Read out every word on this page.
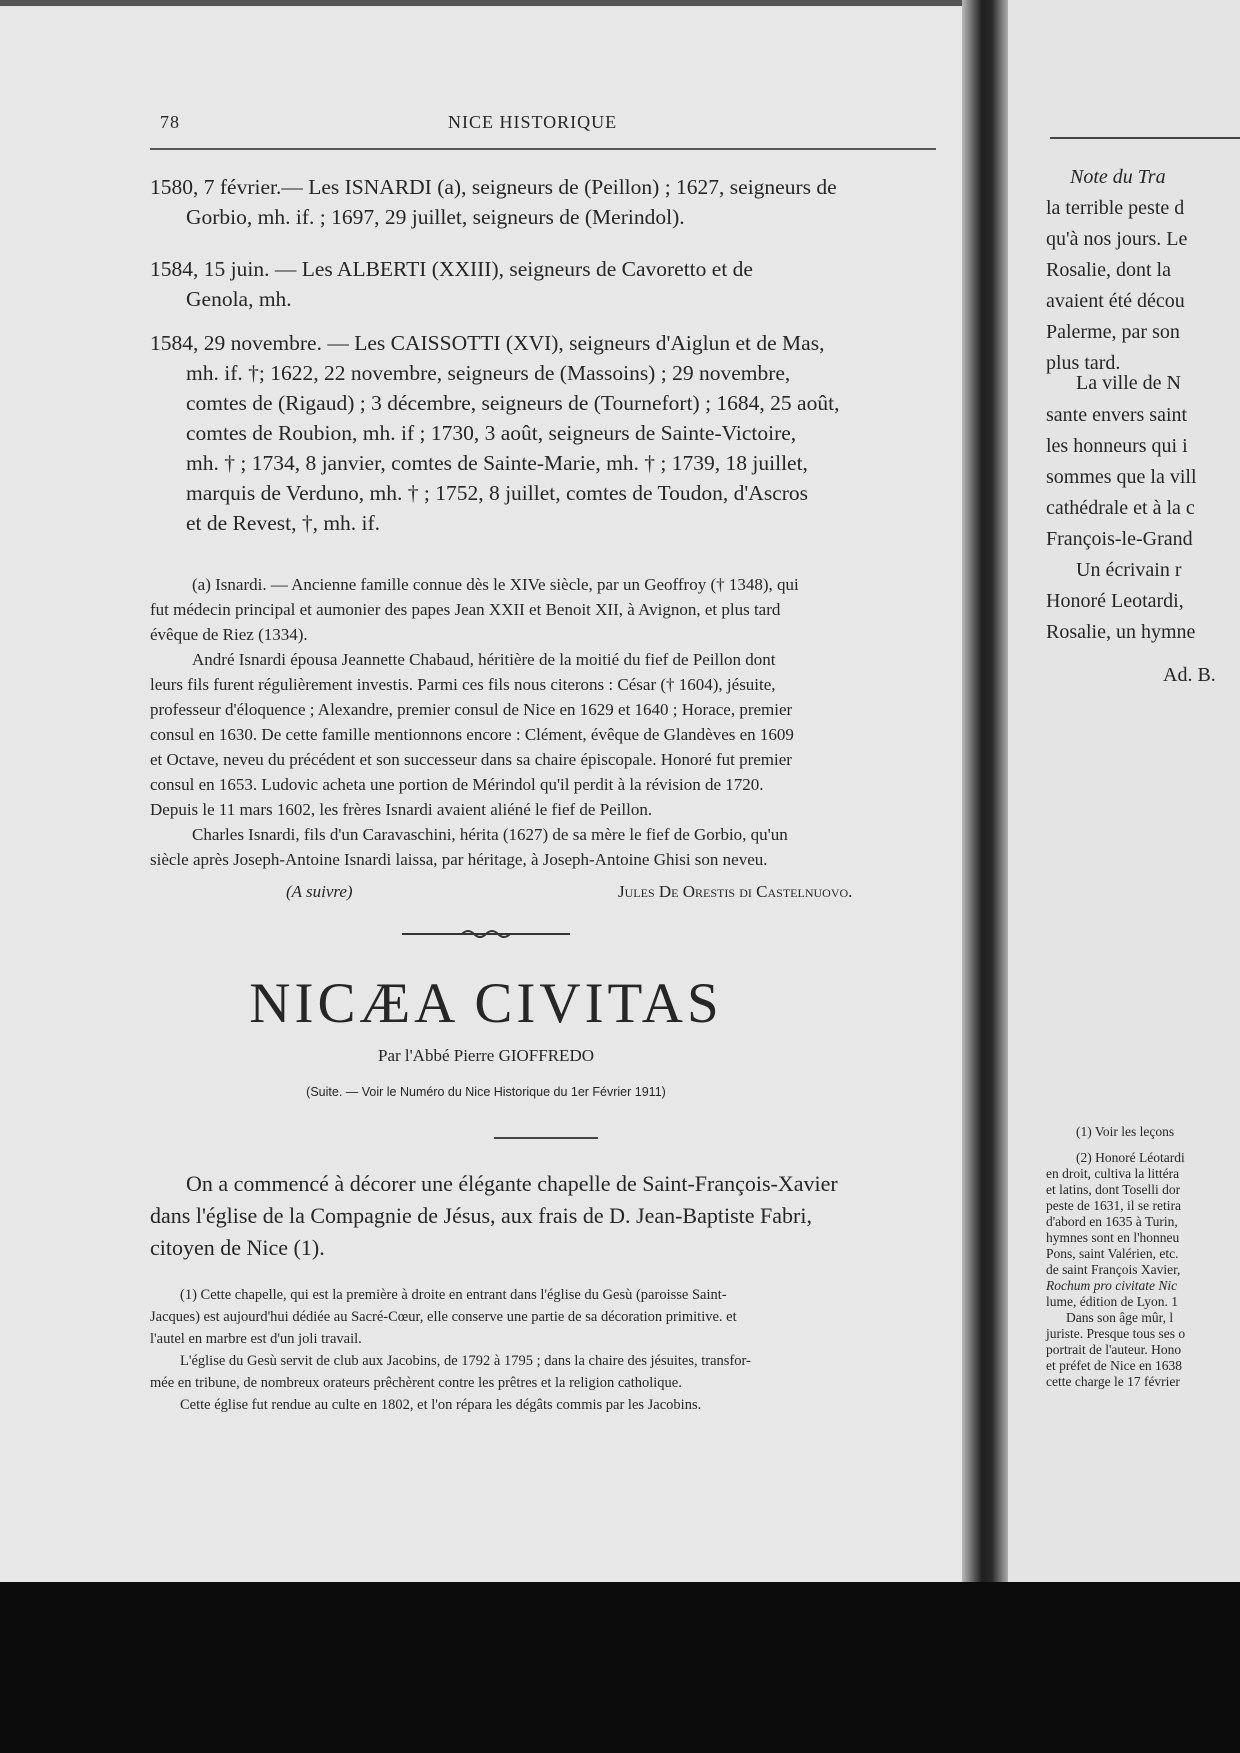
78	NICE HISTORIQUE
1580, 7 février.— Les ISNARDI (a), seigneurs de (Peillon) ; 1627, seigneurs de
Gorbio, mh. if. ; 1697, 29 juillet, seigneurs de (Merindol).
1584, 15 juin. — Les ALBERTI (XXIII), seigneurs de Cavoretto et de
Genola, mh.
1584, 29 novembre. — Les CAISSOTTI (XVI), seigneurs d'Aiglun et de Mas,
mh. if. †; 1622, 22 novembre, seigneurs de (Massoins) ; 29 novembre,
comtes de (Rigaud) ; 3 décembre, seigneurs de (Tournefort) ; 1684, 25 août,
comtes de Roubion, mh. if ; 1730, 3 août, seigneurs de Sainte-Victoire,
mh. † ; 1734, 8 janvier, comtes de Sainte-Marie, mh. † ; 1739, 18 juillet,
marquis de Verduno, mh. † ; 1752, 8 juillet, comtes de Toudon, d'Ascros
et de Revest, †, mh. if.
(a) Isnardi. — Ancienne famille connue dès le XIVe siècle, par un Geoffroy († 1348), qui
fut médecin principal et aumonier des papes Jean XXII et Benoit XII, à Avignon, et plus tard
évêque de Riez (1334).
André Isnardi épousa Jeannette Chabaud, héritière de la moitié du fief de Peillon dont
leurs fils furent régulièrement investis. Parmi ces fils nous citerons : César († 1604), jésuite,
professeur d'éloquence ; Alexandre, premier consul de Nice en 1629 et 1640 ; Horace, premier
consul en 1630. De cette famille mentionnons encore : Clément, évêque de Glandèves en 1609
et Octave, neveu du précédent et son successeur dans sa chaire épiscopale. Honoré fut premier
consul en 1653. Ludovic acheta une portion de Mérindol qu'il perdit à la révision de 1720.
Depuis le 11 mars 1602, les frères Isnardi avaient aliéné le fief de Peillon.
Charles Isnardi, fils d'un Caravaschini, hérita (1627) de sa mère le fief de Gorbio, qu'un
siècle après Joseph-Antoine Isnardi laissa, par héritage, à Joseph-Antoine Ghisi son neveu.
(A suivre)	Jules De Orestis di Castelnuovo.
NICÆA CIVITAS
Par l'Abbé Pierre GIOFFREDO
(Suite. — Voir le Numéro du Nice Historique du 1er Février 1911)
On a commencé à décorer une élégante chapelle de Saint-François-Xavier
dans l'église de la Compagnie de Jésus, aux frais de D. Jean-Baptiste Fabri,
citoyen de Nice (1).
(1) Cette chapelle, qui est la première à droite en entrant dans l'église du Gesù (paroisse Saint-
Jacques) est aujourd'hui dédiée au Sacré-Cœur, elle conserve une partie de sa décoration primitive. et
l'autel en marbre est d'un joli travail.
L'église du Gesù servit de club aux Jacobins, de 1792 à 1795 ; dans la chaire des jésuites, transfor-
mée en tribune, de nombreux orateurs prêchèrent contre les prêtres et la religion catholique.
Cette église fut rendue au culte en 1802, et l'on répara les dégâts commis par les Jacobins.
Note du Tra
la terrible peste d
qu'à nos jours. Le
Rosalie, dont la
avaient été décou
Palerme, par son
plus tard.
La ville de N
sante envers saint
les honneurs qui i
sommes que la vill
cathédrale et à la c
François-le-Grand
Un écrivain r
Honoré Leotardi,
Rosalie, un hymne
Ad. B.
(1) Voir les leçons
(2) Honoré Léotardi
en droit, cultiva la littéra
et latins, dont Toselli dor
peste de 1631, il se retira
d'abord en 1635 à Turin,
hymnes sont en l'honneu
Pons, saint Valérien, etc.
de saint François Xavier,
Rochum pro civitate Nic
lume, édition de Lyon. 1
Dans son âge mûr, l
juriste. Presque tous ses o
portrait de l'auteur. Hono
et préfet de Nice en 1638
cette charge le 17 février
